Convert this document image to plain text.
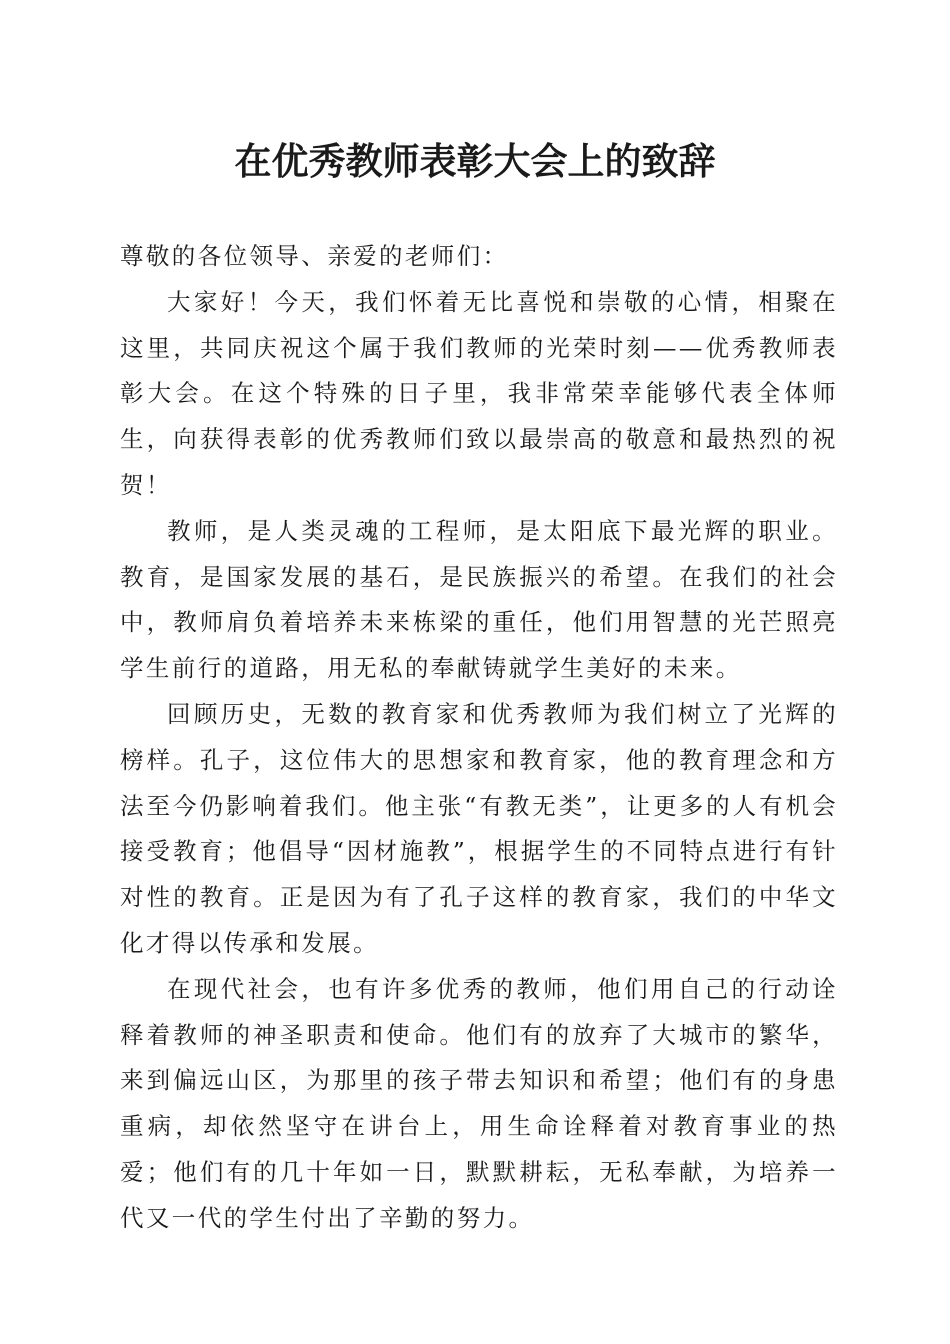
在优秀教师表彰大会上的致辞

尊敬的各位领导、亲爱的老师们：

大家好！今天，我们怀着无比喜悦和崇敬的心情，相聚在这里，共同庆祝这个属于我们教师的光荣时刻——优秀教师表彰大会。在这个特殊的日子里，我非常荣幸能够代表全体师生，向获得表彰的优秀教师们致以最崇高的敬意和最热烈的祝贺！

教师，是人类灵魂的工程师，是太阳底下最光辉的职业。教育，是国家发展的基石，是民族振兴的希望。在我们的社会中，教师肩负着培养未来栋梁的重任，他们用智慧的光芒照亮学生前行的道路，用无私的奉献铸就学生美好的未来。

回顾历史，无数的教育家和优秀教师为我们树立了光辉的榜样。孔子，这位伟大的思想家和教育家，他的教育理念和方法至今仍影响着我们。他主张“有教无类”，让更多的人有机会接受教育；他倡导“因材施教”，根据学生的不同特点进行有针对性的教育。正是因为有了孔子这样的教育家，我们的中华文化才得以传承和发展。

在现代社会，也有许多优秀的教师，他们用自己的行动诠释着教师的神圣职责和使命。他们有的放弃了大城市的繁华，来到偏远山区，为那里的孩子带去知识和希望；他们有的身患重病，却依然坚守在讲台上，用生命诠释着对教育事业的热爱；他们有的几十年如一日，默默耕耘，无私奉献，为培养一代又一代的学生付出了辛勤的努力。
